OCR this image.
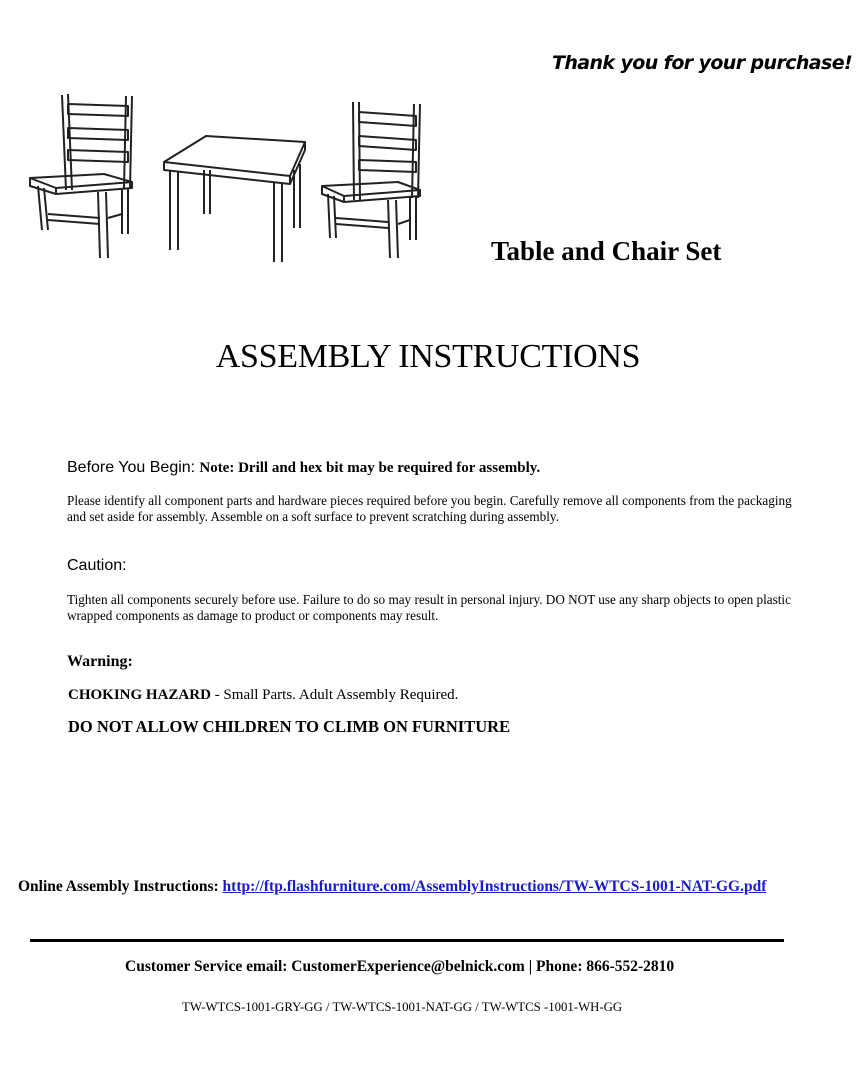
Thank you for your purchase!
Table and Chair Set
ASSEMBLY INSTRUCTIONS
Before You Begin: Note: Drill and hex bit may be required for assembly.
Please identify all component parts and hardware pieces required before you begin. Carefully remove all components from the packaging and set aside for assembly. Assemble on a soft surface to prevent scratching during assembly.
Caution:
Tighten all components securely before use. Failure to do so may result in personal injury. DO NOT use any sharp objects to open plastic wrapped components as damage to product or components may result.
Warning:
CHOKING HAZARD - Small Parts. Adult Assembly Required.
DO NOT ALLOW CHILDREN TO CLIMB ON FURNITURE
Online Assembly Instructions: http://ftp.flashfurniture.com/AssemblyInstructions/TW-WTCS-1001-NAT-GG.pdf
Customer Service email: CustomerExperience@belnick.com | Phone: 866-552-2810
TW-WTCS-1001-GRY-GG / TW-WTCS-1001-NAT-GG / TW-WTCS -1001-WH-GG
